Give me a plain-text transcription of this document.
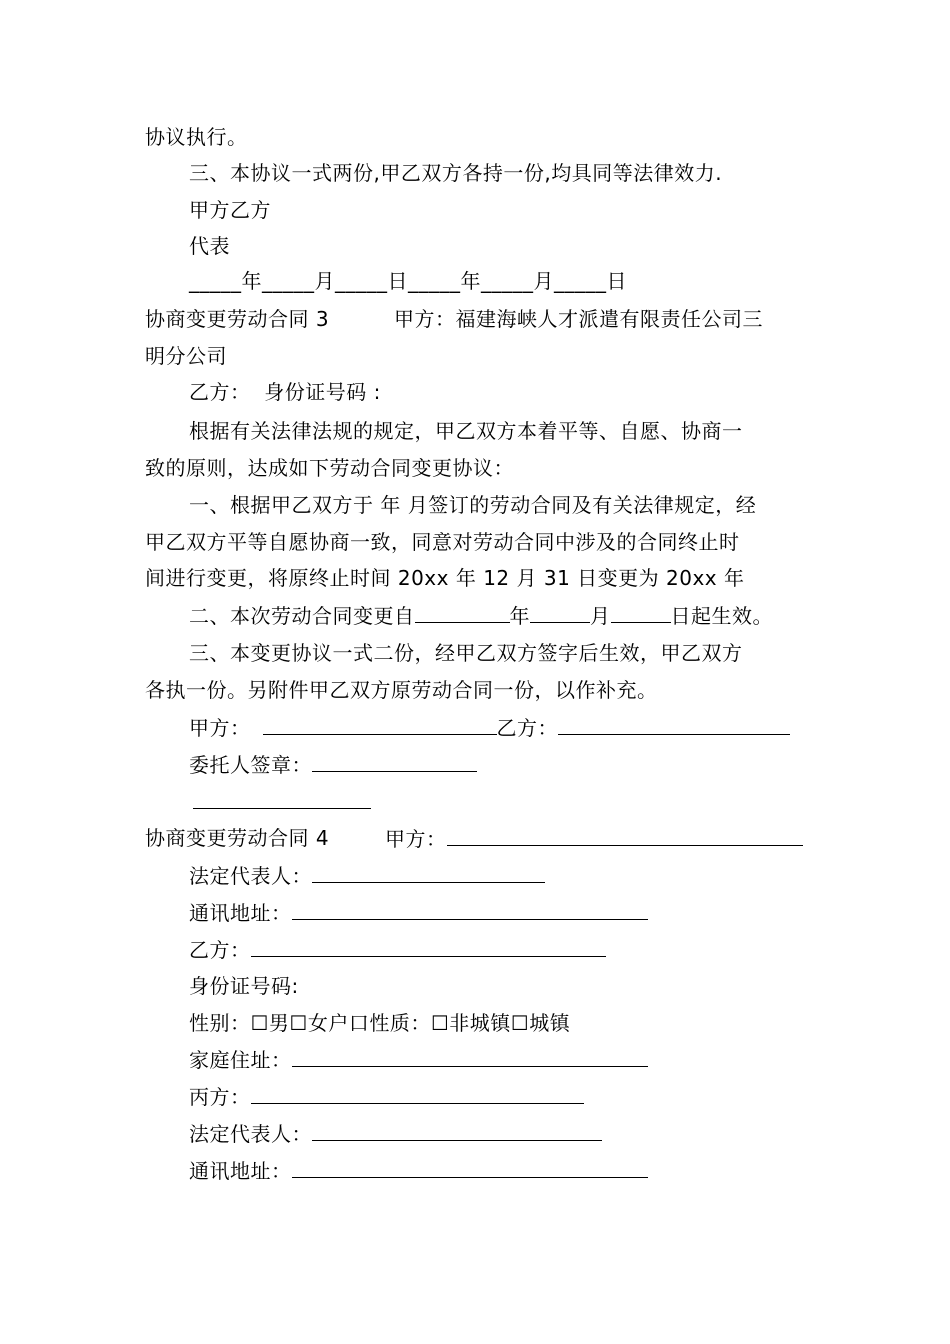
协议执行。
三、本协议一式两份,甲乙双方各持一份,均具同等法律效力.
甲方乙方
代表
_____年_____月_____日_____年_____月_____日
协商变更劳动合同 3	甲方：福建海峡人才派遣有限责任公司三
明分公司
乙方：  身份证号码 :
根据有关法律法规的规定，甲乙双方本着平等、自愿、协商一
致的原则，达成如下劳动合同变更协议：
一、根据甲乙双方于 年 月签订的劳动合同及有关法律规定，经
甲乙双方平等自愿协商一致，同意对劳动合同中涉及的合同终止时
间进行变更，将原终止时间 20xx 年 12 月 31 日变更为 20xx 年
二、本次劳动合同变更自	年	月	日起生效。
三、本变更协议一式二份，经甲乙双方签字后生效，甲乙双方
各执一份。另附件甲乙双方原劳动合同一份，以作补充。
甲方：	乙方：
委托人签章：
协商变更劳动合同 4	甲方：
法定代表人：
通讯地址：
乙方：
身份证号码:
性别：☐男☐女户口性质：☐非城镇☐城镇
家庭住址：
丙方：
法定代表人：
通讯地址：
